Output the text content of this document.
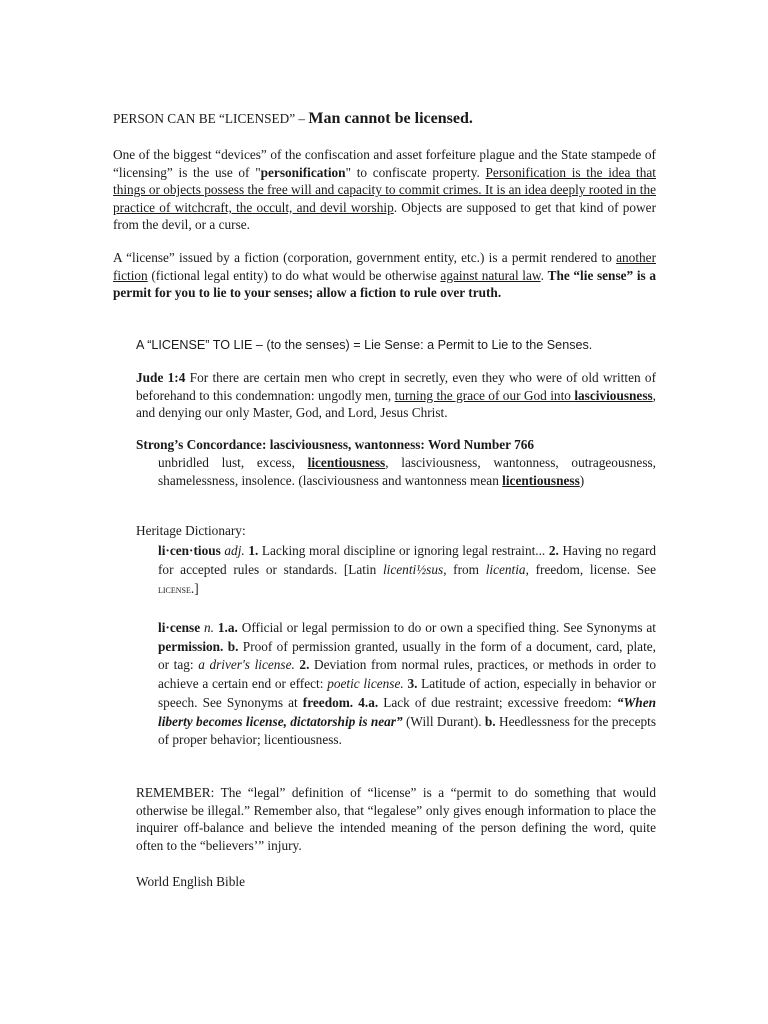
PERSON CAN BE “LICENSED” – Man cannot be licensed.
One of the biggest “devices” of the confiscation and asset forfeiture plague and the State stampede of “licensing” is the use of "personification" to confiscate property. Personification is the idea that things or objects possess the free will and capacity to commit crimes. It is an idea deeply rooted in the practice of witchcraft, the occult, and devil worship. Objects are supposed to get that kind of power from the devil, or a curse.
A “license” issued by a fiction (corporation, government entity, etc.) is a permit rendered to another fiction (fictional legal entity) to do what would be otherwise against natural law. The “lie sense” is a permit for you to lie to your senses; allow a fiction to rule over truth.
A “LICENSE” TO LIE – (to the senses) = Lie Sense: a Permit to Lie to the Senses.
Jude 1:4 For there are certain men who crept in secretly, even they who were of old written of beforehand to this condemnation: ungodly men, turning the grace of our God into lasciviousness, and denying our only Master, God, and Lord, Jesus Christ.
Strong’s Concordance: lasciviousness, wantonness: Word Number 766
unbridled lust, excess, licentiousness, lasciviousness, wantonness, outrageousness, shamelessness, insolence. (lasciviousness and wantonness mean licentiousness)
Heritage Dictionary:
li·cen·tious adj. 1. Lacking moral discipline or ignoring legal restraint... 2. Having no regard for accepted rules or standards. [Latin licenti½sus, from licentia, freedom, license. See license.]
li·cense n. 1.a. Official or legal permission to do or own a specified thing. See Synonyms at permission. b. Proof of permission granted, usually in the form of a document, card, plate, or tag: a driver's license. 2. Deviation from normal rules, practices, or methods in order to achieve a certain end or effect: poetic license. 3. Latitude of action, especially in behavior or speech. See Synonyms at freedom. 4.a. Lack of due restraint; excessive freedom: “When liberty becomes license, dictatorship is near” (Will Durant). b. Heedlessness for the precepts of proper behavior; licentiousness.
REMEMBER: The “legal” definition of “license” is a “permit to do something that would otherwise be illegal.” Remember also, that “legalese” only gives enough information to place the inquirer off-balance and believe the intended meaning of the person defining the word, quite often to the “believers’” injury.
World English Bible
